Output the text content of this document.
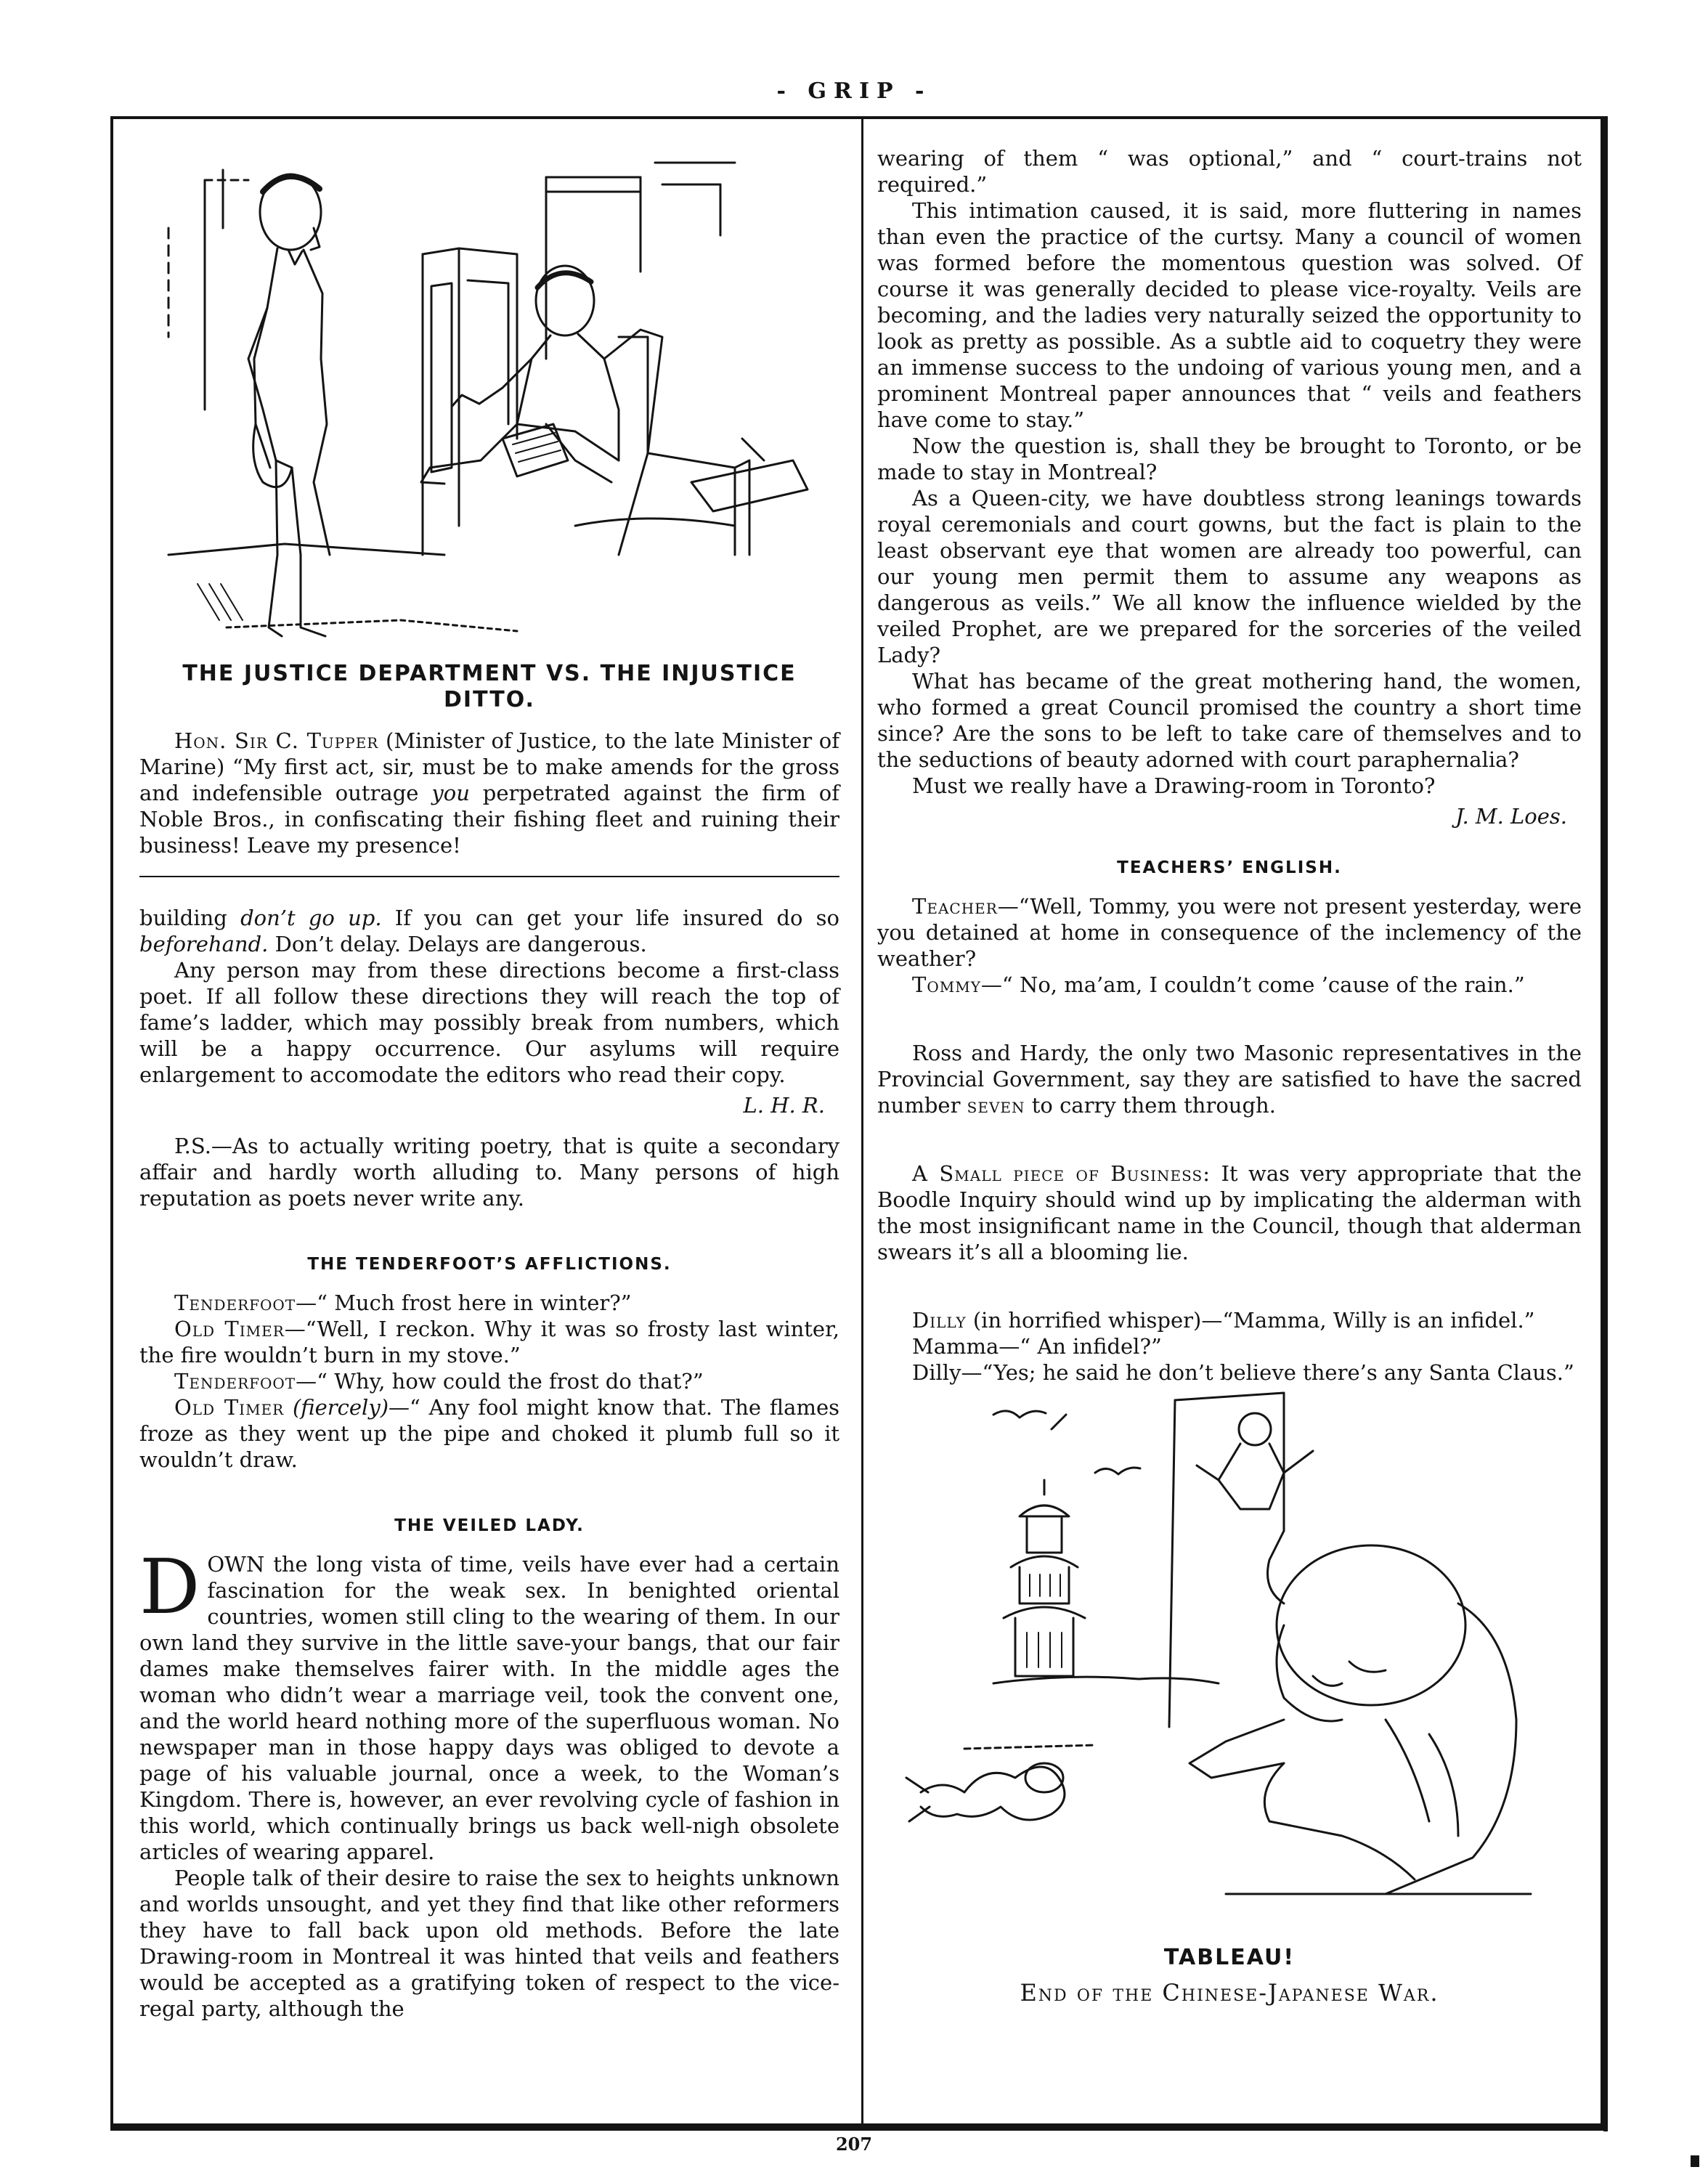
- GRIP -
THE JUSTICE DEPARTMENT VS. THE INJUSTICE DITTO.

Hon. Sir C. Tupper (Minister of Justice, to the late Minister of Marine) “My first act, sir, must be to make amends for the gross and indefensible outrage you perpetrated against the firm of Noble Bros., in confiscating their fishing fleet and ruining their business! Leave my presence!

building don’t go up. If you can get your life insured do so beforehand. Don’t delay. Delays are dangerous.

Any person may from these directions become a first-class poet. If all follow these directions they will reach the top of fame’s ladder, which may possibly break from numbers, which will be a happy occurrence. Our asylums will require enlargement to accomodate the editors who read their copy.

L. H. R.

P.S.—As to actually writing poetry, that is quite a secondary affair and hardly worth alluding to. Many persons of high reputation as poets never write any.

THE TENDERFOOT’S AFFLICTIONS.

Tenderfoot—“ Much frost here in winter?”

Old Timer—“Well, I reckon. Why it was so frosty last winter, the fire wouldn’t burn in my stove.”

Tenderfoot—“ Why, how could the frost do that?”

Old Timer (fiercely)—“ Any fool might know that. The flames froze as they went up the pipe and choked it plumb full so it wouldn’t draw.

THE VEILED LADY.

DOWN the long vista of time, veils have ever had a certain fascination for the weak sex. In benighted oriental countries, women still cling to the wearing of them. In our own land they survive in the little save-your bangs, that our fair dames make themselves fairer with. In the middle ages the woman who didn’t wear a marriage veil, took the convent one, and the world heard nothing more of the superfluous woman. No newspaper man in those happy days was obliged to devote a page of his valuable journal, once a week, to the Woman’s Kingdom. There is, however, an ever revolving cycle of fashion in this world, which continually brings us back well-nigh obsolete articles of wearing apparel.

People talk of their desire to raise the sex to heights unknown and worlds unsought, and yet they find that like other reformers they have to fall back upon old methods. Before the late Drawing-room in Montreal it was hinted that veils and feathers would be accepted as a gratifying token of respect to the vice-regal party, although the

wearing of them “ was optional,” and “ court-trains not required.”

This intimation caused, it is said, more fluttering in names than even the practice of the curtsy. Many a council of women was formed before the momentous question was solved. Of course it was generally decided to please vice-royalty. Veils are becoming, and the ladies very naturally seized the opportunity to look as pretty as possible. As a subtle aid to coquetry they were an immense success to the undoing of various young men, and a prominent Montreal paper announces that “ veils and feathers have come to stay.”

Now the question is, shall they be brought to Toronto, or be made to stay in Montreal?

As a Queen-city, we have doubtless strong leanings towards royal ceremonials and court gowns, but the fact is plain to the least observant eye that women are already too powerful, can our young men permit them to assume any weapons as dangerous as veils.” We all know the influence wielded by the veiled Prophet, are we prepared for the sorceries of the veiled Lady?

What has became of the great mothering hand, the women, who formed a great Council promised the country a short time since? Are the sons to be left to take care of themselves and to the seductions of beauty adorned with court paraphernalia?

Must we really have a Drawing-room in Toronto?

J. M. Loes.
TEACHERS’ ENGLISH.

Teacher—“Well, Tommy, you were not present yesterday, were you detained at home in consequence of the inclemency of the weather?

Tommy—“ No, ma’am, I couldn’t come ’cause of the rain.”

Ross and Hardy, the only two Masonic representatives in the Provincial Government, say they are satisfied to have the sacred number seven to carry them through.

A Small piece of Business: It was very appropriate that the Boodle Inquiry should wind up by implicating the alderman with the most insignificant name in the Council, though that alderman swears it’s all a blooming lie.

Dilly (in horrified whisper)—“Mamma, Willy is an infidel.”

Mamma—“ An infidel?”

Dilly—“Yes; he said he don’t believe there’s any Santa Claus.”

TABLEAU!
End of the Chinese-Japanese War.
207
